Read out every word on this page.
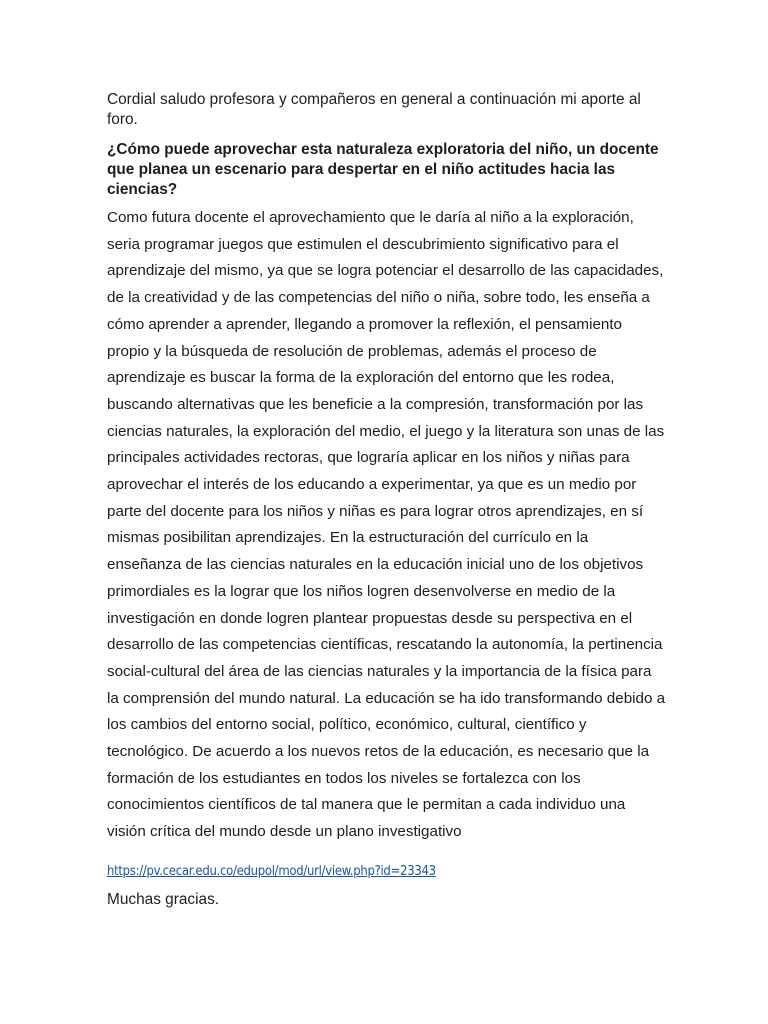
Cordial saludo profesora y compañeros en general a continuación mi aporte al foro.

¿Cómo puede aprovechar esta naturaleza exploratoria del niño, un docente que planea un escenario para despertar en el niño actitudes hacia las ciencias?

Como futura docente el aprovechamiento que le daría al niño a la exploración,
seria programar juegos que estimulen el descubrimiento significativo para el
aprendizaje del mismo, ya que se logra potenciar el desarrollo de las capacidades,
de la creatividad y de las competencias del niño o niña, sobre todo, les enseña a
cómo aprender a aprender, llegando a promover la reflexión, el pensamiento
propio y la búsqueda de resolución de problemas, además el proceso de
aprendizaje es buscar la forma de la exploración del entorno que les rodea,
buscando alternativas que les beneficie a la compresión, transformación por las
ciencias naturales, la exploración del medio, el juego y la literatura son unas de las
principales actividades rectoras, que lograría aplicar en los niños y niñas para
aprovechar el interés de los educando a experimentar, ya que es un medio por
parte del docente para los niños y niñas es para lograr otros aprendizajes, en sí
mismas posibilitan aprendizajes. En la estructuración del currículo en la
enseñanza de las ciencias naturales en la educación inicial uno de los objetivos
primordiales es la lograr que los niños logren desenvolverse en medio de la
investigación en donde logren plantear propuestas desde su perspectiva en el
desarrollo de las competencias científicas, rescatando la autonomía, la pertinencia
social-cultural del área de las ciencias naturales y la importancia de la física para
la comprensión del mundo natural. La educación se ha ido transformando debido a
los cambios del entorno social, político, económico, cultural, científico y
tecnológico. De acuerdo a los nuevos retos de la educación, es necesario que la
formación de los estudiantes en todos los niveles se fortalezca con los
conocimientos científicos de tal manera que le permitan a cada individuo una
visión crítica del mundo desde un plano investigativo
https://pv.cecar.edu.co/edupol/mod/url/view.php?id=23343

Muchas gracias.
